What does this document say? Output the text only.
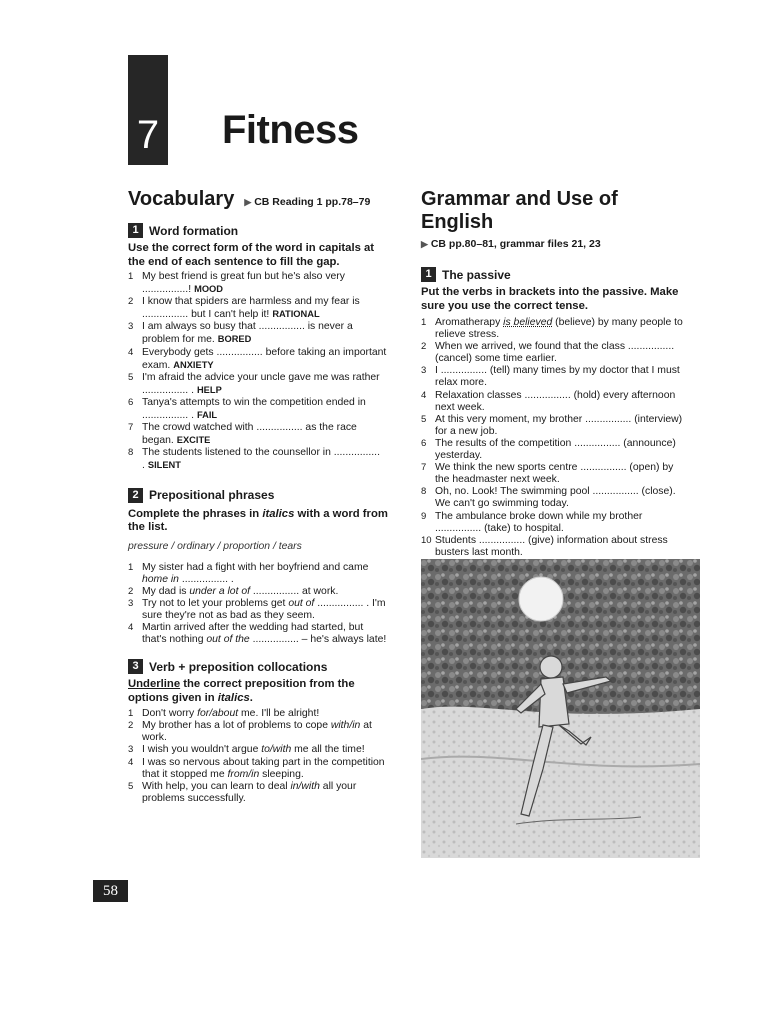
7 Fitness
Vocabulary ▶ CB Reading 1 pp.78–79
1 Word formation
Use the correct form of the word in capitals at the end of each sentence to fill the gap.
1 My best friend is great fun but he's also very ................! MOOD
2 I know that spiders are harmless and my fear is ................ but I can't help it! RATIONAL
3 I am always so busy that ................ is never a problem for me. BORED
4 Everybody gets ................ before taking an important exam. ANXIETY
5 I'm afraid the advice your uncle gave me was rather ................ . HELP
6 Tanya's attempts to win the competition ended in ................ . FAIL
7 The crowd watched with ................ as the race began. EXCITE
8 The students listened to the counsellor in ................ . SILENT
2 Prepositional phrases
Complete the phrases in italics with a word from the list.
pressure / ordinary / proportion / tears
1 My sister had a fight with her boyfriend and came home in ................ .
2 My dad is under a lot of ................ at work.
3 Try not to let your problems get out of ................ . I'm sure they're not as bad as they seem.
4 Martin arrived after the wedding had started, but that's nothing out of the ................ – he's always late!
3 Verb + preposition collocations
Underline the correct preposition from the options given in italics.
1 Don't worry for/about me. I'll be alright!
2 My brother has a lot of problems to cope with/in at work.
3 I wish you wouldn't argue to/with me all the time!
4 I was so nervous about taking part in the competition that it stopped me from/in sleeping.
5 With help, you can learn to deal in/with all your problems successfully.
Grammar and Use of English
▶ CB pp.80–81, grammar files 21, 23
1 The passive
Put the verbs in brackets into the passive. Make sure you use the correct tense.
1 Aromatherapy is believed (believe) by many people to relieve stress.
2 When we arrived, we found that the class ................ (cancel) some time earlier.
3 I ................ (tell) many times by my doctor that I must relax more.
4 Relaxation classes ................ (hold) every afternoon next week.
5 At this very moment, my brother ................ (interview) for a new job.
6 The results of the competition ................ (announce) yesterday.
7 We think the new sports centre ................ (open) by the headmaster next week.
8 Oh, no. Look! The swimming pool ................ (close). We can't go swimming today.
9 The ambulance broke down while my brother ................ (take) to hospital.
10 Students ................ (give) information about stress busters last month.
58
